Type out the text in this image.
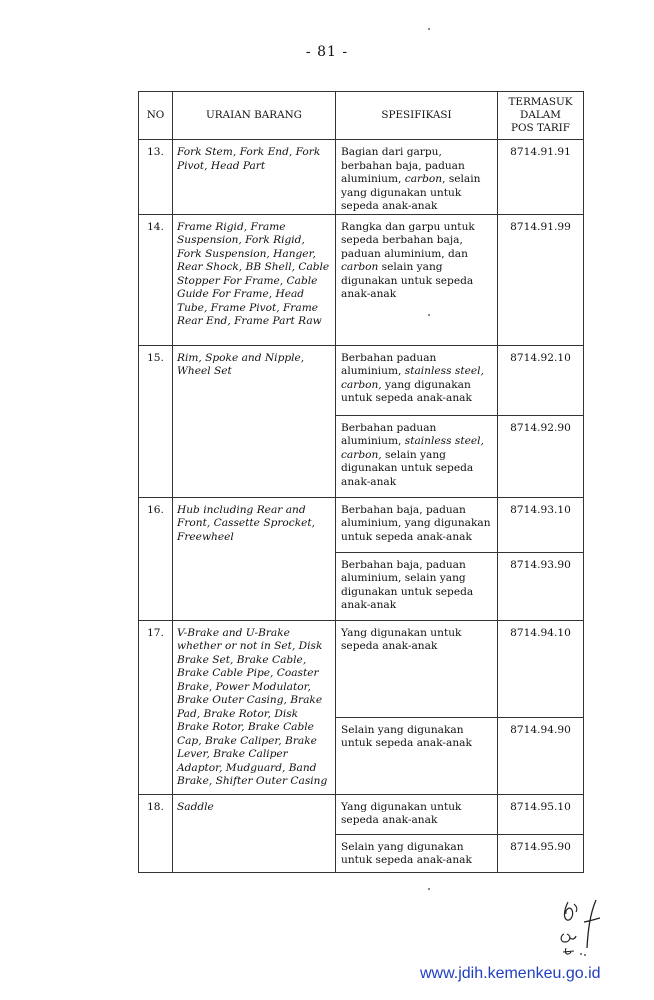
- 81 -
NO	URAIAN BARANG	SPESIFIKASI	TERMASUK
DALAM
POS TARIF

13.	Fork Stem, Fork End, Fork Pivot, Head Part	Bagian dari garpu, berbahan baja, paduan aluminium, carbon, selain yang digunakan untuk sepeda anak-anak	8714.91.91
14.	Frame Rigid, Frame Suspension, Fork Rigid, Fork Suspension, Hanger, Rear Shock, BB Shell, Cable Stopper For Frame, Cable Guide For Frame, Head Tube, Frame Pivot, Frame Rear End, Frame Part Raw	Rangka dan garpu untuk sepeda berbahan baja, paduan aluminium, dan carbon selain yang digunakan untuk sepeda anak-anak	8714.91.99
15.	Rim, Spoke and Nipple, Wheel Set	Berbahan paduan aluminium, stainless steel, carbon, yang digunakan untuk sepeda anak-anak	8714.92.10
		Berbahan paduan aluminium, stainless steel, carbon, selain yang digunakan untuk sepeda anak-anak	8714.92.90
16.	Hub including Rear and Front, Cassette Sprocket, Freewheel	Berbahan baja, paduan aluminium, yang digunakan untuk sepeda anak-anak	8714.93.10
		Berbahan baja, paduan aluminium, selain yang digunakan untuk sepeda anak-anak	8714.93.90
17.	V-Brake and U-Brake whether or not in Set, Disk Brake Set, Brake Cable, Brake Cable Pipe, Coaster Brake, Power Modulator, Brake Outer Casing, Brake Pad, Brake Rotor, Disk Brake Rotor, Brake Cable Cap, Brake Caliper, Brake Lever, Brake Caliper Adaptor, Mudguard, Band Brake, Shifter Outer Casing	Yang digunakan untuk sepeda anak-anak	8714.94.10
		Selain yang digunakan untuk sepeda anak-anak	8714.94.90
18.	Saddle	Yang digunakan untuk sepeda anak-anak	8714.95.10
		Selain yang digunakan untuk sepeda anak-anak	8714.95.90
www.jdih.kemenkeu.go.id
